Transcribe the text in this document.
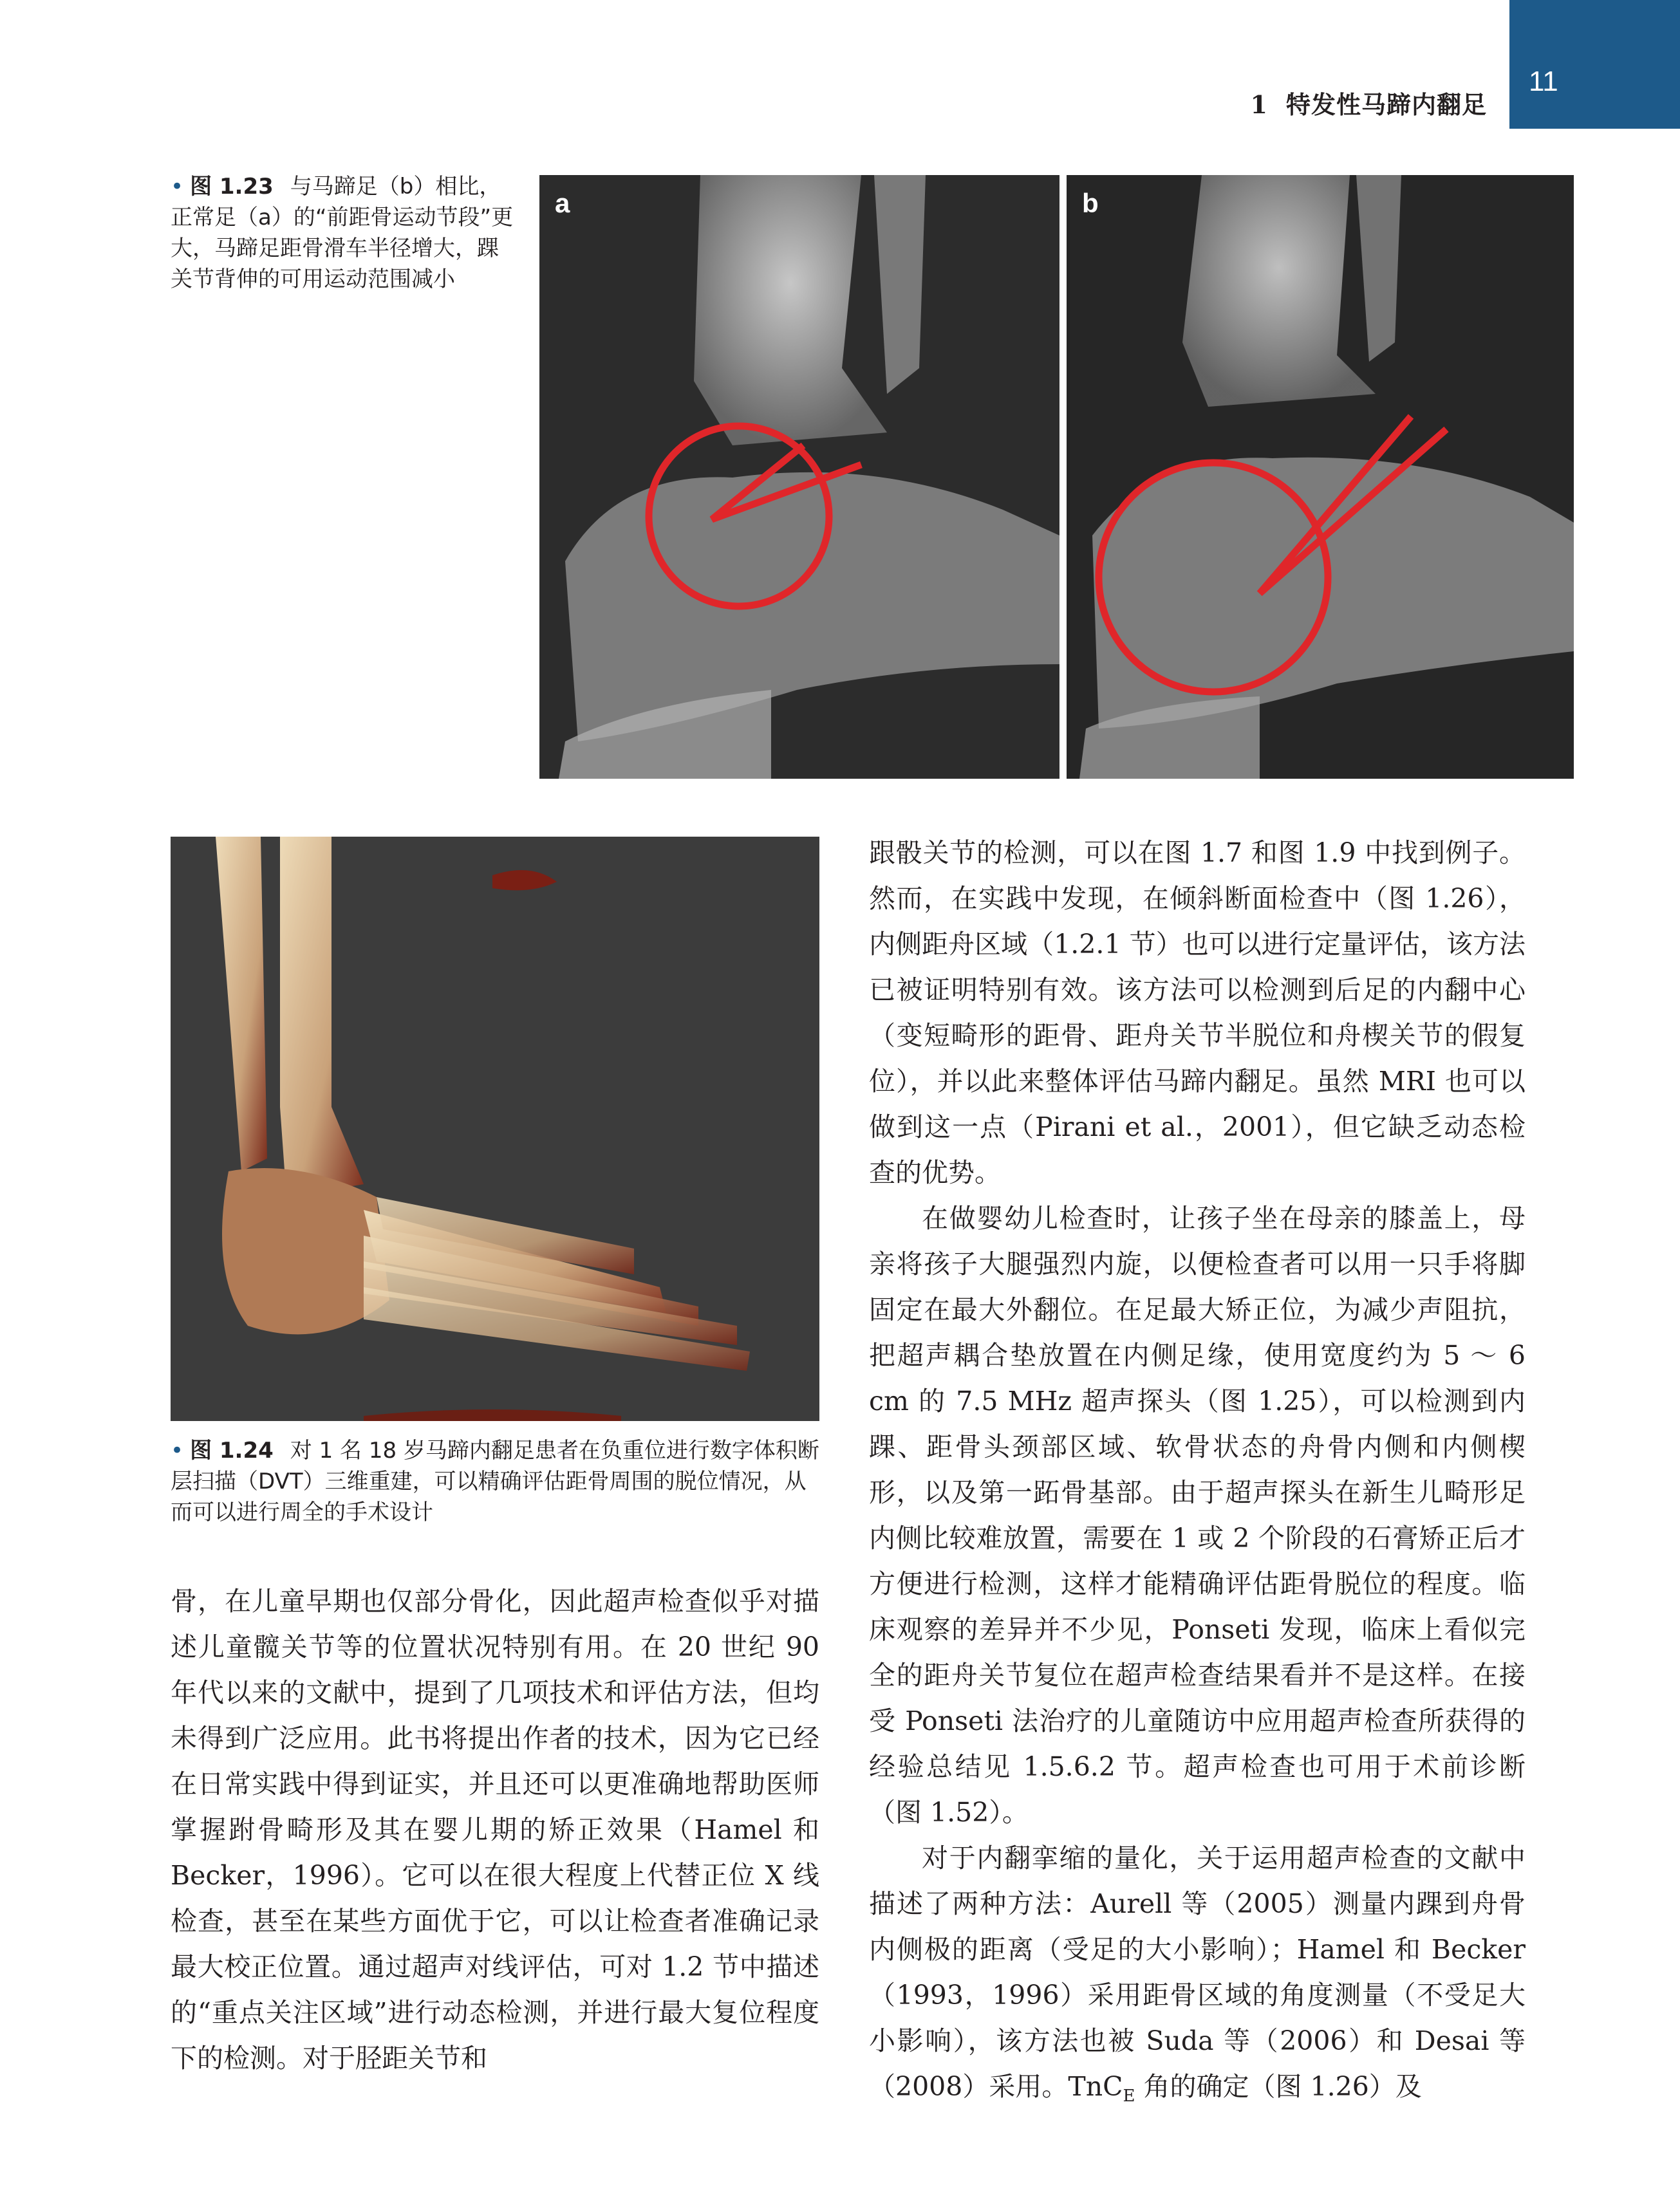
1 特发性马蹄内翻足
11
• 图 1.23 与马蹄足（b）相比，正常足（a）的“前距骨运动节段”更大，马蹄足距骨滑车半径增大，踝关节背伸的可用运动范围减小
a	b
• 图 1.24 对 1 名 18 岁马蹄内翻足患者在负重位进行数字体积断层扫描（DVT）三维重建，可以精确评估距骨周围的脱位情况，从而可以进行周全的手术设计

骨，在儿童早期也仅部分骨化，因此超声检查似乎对描述儿童髋关节等的位置状况特别有用。在 20 世纪 90 年代以来的文献中，提到了几项技术和评估方法，但均未得到广泛应用。此书将提出作者的技术，因为它已经在日常实践中得到证实，并且还可以更准确地帮助医师掌握跗骨畸形及其在婴儿期的矫正效果（Hamel 和 Becker，1996）。它可以在很大程度上代替正位 X 线检查，甚至在某些方面优于它，可以让检查者准确记录最大校正位置。通过超声对线评估，可对 1.2 节中描述的“重点关注区域”进行动态检测，并进行最大复位程度下的检测。对于胫距关节和

跟骰关节的检测，可以在图 1.7 和图 1.9 中找到例子。然而，在实践中发现，在倾斜断面检查中（图 1.26），内侧距舟区域（1.2.1 节）也可以进行定量评估，该方法已被证明特别有效。该方法可以检测到后足的内翻中心（变短畸形的距骨、距舟关节半脱位和舟楔关节的假复位），并以此来整体评估马蹄内翻足。虽然 MRI 也可以做到这一点（Pirani et al.，2001），但它缺乏动态检查的优势。

在做婴幼儿检查时，让孩子坐在母亲的膝盖上，母亲将孩子大腿强烈内旋，以便检查者可以用一只手将脚固定在最大外翻位。在足最大矫正位，为减少声阻抗，把超声耦合垫放置在内侧足缘，使用宽度约为 5 ～ 6 cm 的 7.5 MHz 超声探头（图 1.25），可以检测到内踝、距骨头颈部区域、软骨状态的舟骨内侧和内侧楔形，以及第一跖骨基部。由于超声探头在新生儿畸形足内侧比较难放置，需要在 1 或 2 个阶段的石膏矫正后才方便进行检测，这样才能精确评估距骨脱位的程度。临床观察的差异并不少见，Ponseti 发现，临床上看似完全的距舟关节复位在超声检查结果看并不是这样。在接受 Ponseti 法治疗的儿童随访中应用超声检查所获得的经验总结见 1.5.6.2 节。超声检查也可用于术前诊断（图 1.52）。

对于内翻挛缩的量化，关于运用超声检查的文献中描述了两种方法：Aurell 等（2005）测量内踝到舟骨内侧极的距离（受足的大小影响）；Hamel 和 Becker（1993，1996）采用距骨区域的角度测量（不受足大小影响），该方法也被 Suda 等（2006）和 Desai 等（2008）采用。TnC$_E$ 角的确定（图 1.26）及
